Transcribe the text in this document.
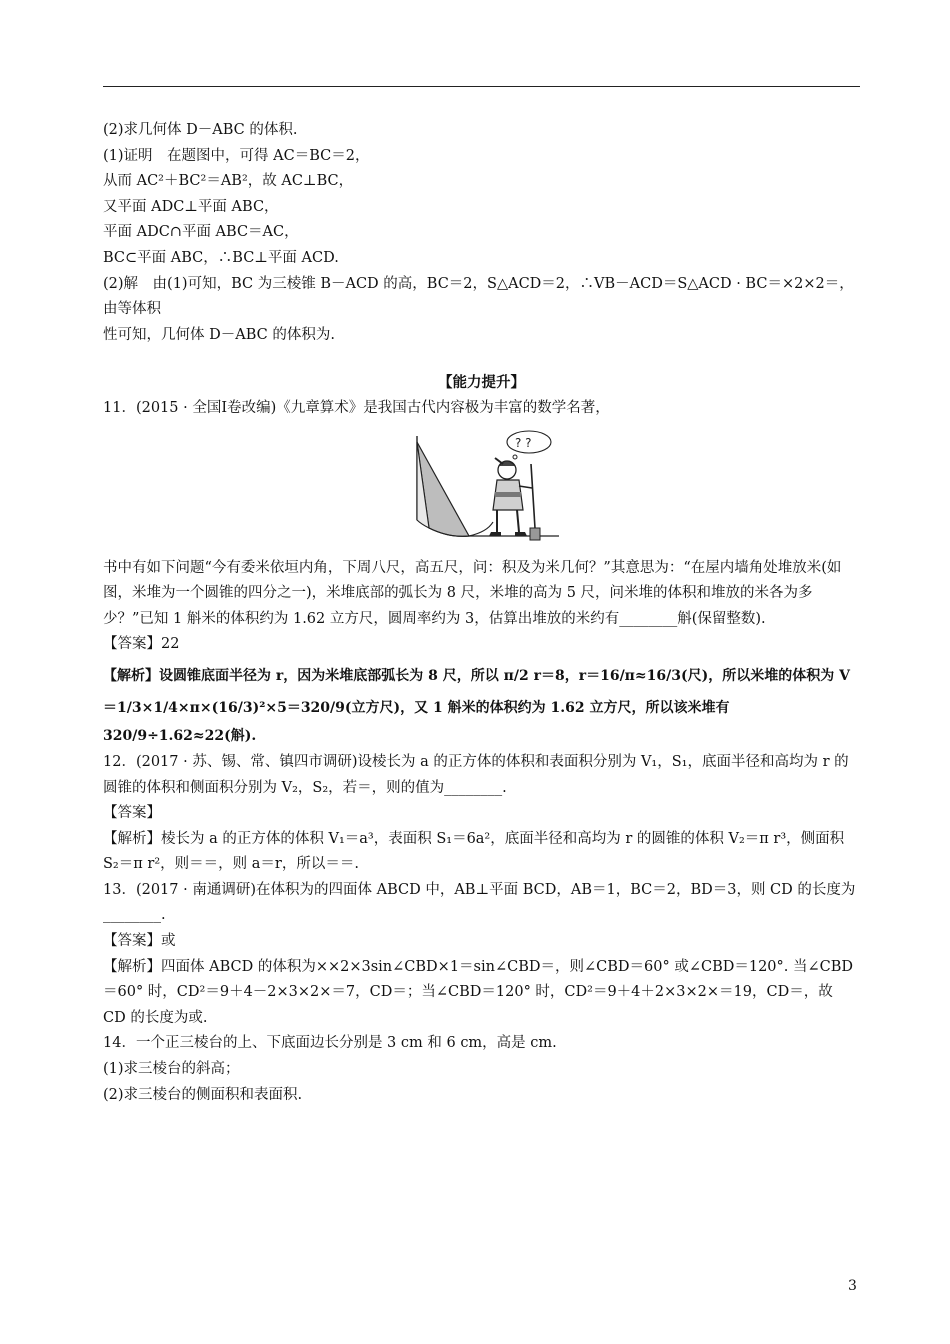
(2)求几何体 D－ABC 的体积.
(1)证明　在题图中，可得 AC＝BC＝2，
从而 AC²＋BC²＝AB²，故 AC⊥BC，
又平面 ADC⊥平面 ABC，
平面 ADC∩平面 ABC＝AC，
BC⊂平面 ABC，∴BC⊥平面 ACD.
(2)解　由(1)可知，BC 为三棱锥 B－ACD 的高，BC＝2，S△ACD＝2，∴VB－ACD＝S△ACD · BC＝×2×2＝，由等体积
性可知，几何体 D－ABC 的体积为.
【能力提升】
11．(2015 · 全国Ⅰ卷改编)《九章算术》是我国古代内容极为丰富的数学名著，
? ?
书中有如下问题“今有委米依垣内角，下周八尺，高五尺，问：积及为米几何？”其意思为：“在屋内墙角处堆放米(如图，米堆为一个圆锥的四分之一)，米堆底部的弧长为 8 尺，米堆的高为 5 尺，问米堆的体积和堆放的米各为多少？”已知 1 斛米的体积约为 1.62 立方尺，圆周率约为 3，估算出堆放的米约有________斛(保留整数).
【答案】22
【解析】设圆锥底面半径为 r，因为米堆底部弧长为 8 尺，所以 π/2 r＝8，r＝16/π≈16/3(尺)，所以米堆的体积为 V
＝1/3×1/4×π×(16/3)²×5＝320/9(立方尺)，又 1 斛米的体积约为 1.62 立方尺，所以该米堆有 320/9÷1.62≈22(斛).
12．(2017 · 苏、锡、常、镇四市调研)设棱长为 a 的正方体的体积和表面积分别为 V₁，S₁，底面半径和高均为 r 的圆锥的体积和侧面积分别为 V₂，S₂，若＝，则的值为________.
【答案】
【解析】棱长为 a 的正方体的体积 V₁＝a³，表面积 S₁＝6a²，底面半径和高均为 r 的圆锥的体积 V₂＝π r³，侧面积 S₂＝π r²，则＝＝，则 a＝r，所以＝＝.
13．(2017 · 南通调研)在体积为的四面体 ABCD 中，AB⊥平面 BCD，AB＝1，BC＝2，BD＝3，则 CD 的长度为________.
【答案】或
【解析】四面体 ABCD 的体积为××2×3sin∠CBD×1＝sin∠CBD＝，则∠CBD＝60° 或∠CBD＝120°. 当∠CBD＝60° 时，CD²＝9＋4－2×3×2×＝7，CD＝；当∠CBD＝120° 时，CD²＝9＋4＋2×3×2×＝19，CD＝，故 CD 的长度为或.
14．一个正三棱台的上、下底面边长分别是 3 cm 和 6 cm，高是 cm.
(1)求三棱台的斜高；
(2)求三棱台的侧面积和表面积.
3
